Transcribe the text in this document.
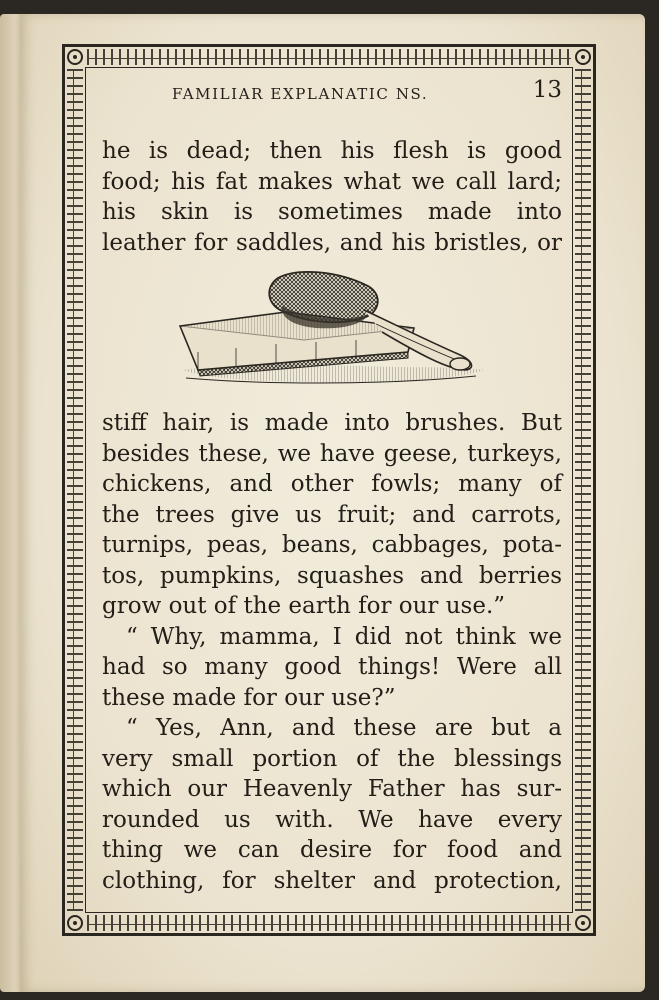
FAMILIAR EXPLANATIC NS.	13
he is dead; then his flesh is good
food; his fat makes what we call lard;
his skin is sometimes made into
leather for saddles, and his bristles, or
stiff hair, is made into brushes. But
besides these, we have geese, turkeys,
chickens, and other fowls; many of
the trees give us fruit; and carrots,
turnips, peas, beans, cabbages, pota-
tos, pumpkins, squashes and berries
grow out of the earth for our use.”
“ Why, mamma, I did not think we
had so many good things! Were all
these made for our use?”
“ Yes, Ann, and these are but a
very small portion of the blessings
which our Heavenly Father has sur-
rounded us with. We have every
thing we can desire for food and
clothing, for shelter and protection,
